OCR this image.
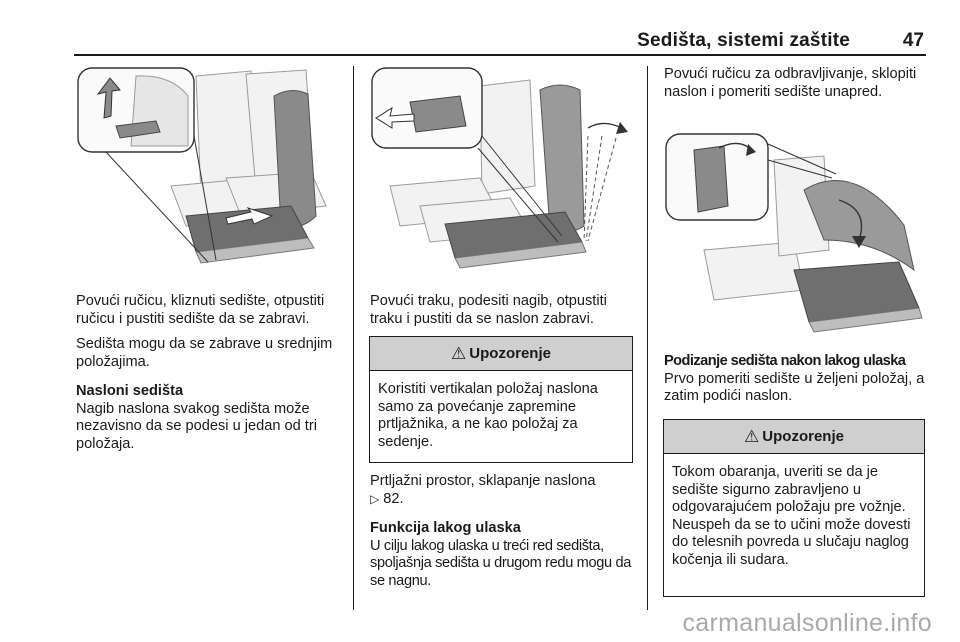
Sedišta, sistemi zaštite	47

Povući ručicu, kliznuti sedište, otpustiti ručicu i pustiti sedište da se zabravi.

Sedišta mogu da se zabrave u srednjim položajima.

Nasloni sedišta

Nagib naslona svakog sedišta može nezavisno da se podesi u jedan od tri položaja.

Povući traku, podesiti nagib, otpustiti traku i pustiti da se naslon zabravi.

⚠ Upozorenje
Koristiti vertikalan položaj naslona samo za povećanje zapremine prtljažnika, a ne kao položaj za sedenje.

Prtljažni prostor, sklapanje naslona
▷ 82.

Funkcija lakog ulaska

U cilju lakog ulaska u treći red sedišta, spoljašnja sedišta u drugom redu mogu da se nagnu.

Povući ručicu za odbravljivanje, sklopiti naslon i pomeriti sedište unapred.

Podizanje sedišta nakon lakog ulaska

Prvo pomeriti sedište u željeni položaj, a zatim podići naslon.

⚠ Upozorenje
Tokom obaranja, uveriti se da je sedište sigurno zabravljeno u odgovarajućem položaju pre vožnje. Neuspeh da se to učini može dovesti do telesnih povreda u slučaju naglog kočenja ili sudara.
carmanualsonline.info
